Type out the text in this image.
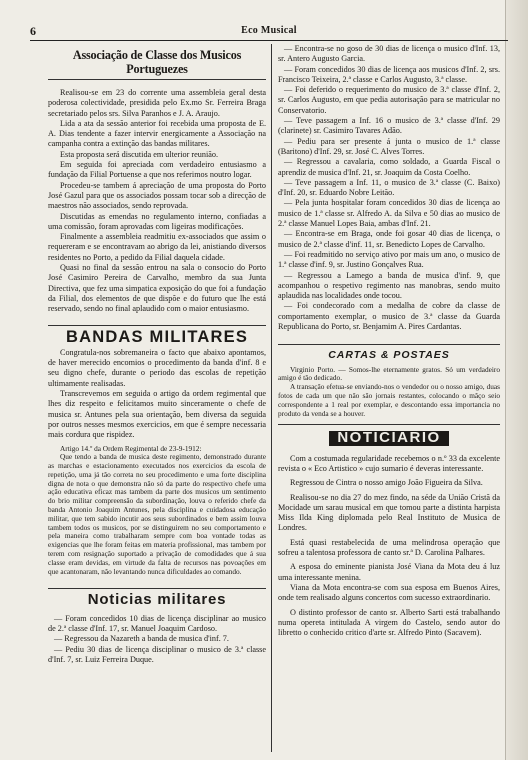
6	Eco Musical
Associação de Classe dos Musicos Portuguezes

Realisou-se em 23 do corrente uma assembleia geral desta poderosa colectividade, presidida pelo Ex.mo Sr. Ferreira Braga secretariado pelos srs. Silva Paranhos e J. A. Araujo.

Lida a ata da sessão anterior foi recebida uma proposta de E. A. Dias tendente a fazer intervir energicamente a Associação na campanha contra a extinção das bandas militares.

Esta proposta será discutida em ulterior reunião.

Em seguida foi apreciada com verdadeiro entusiasmo a fundação da Filial Portuense a que nos referimos noutro logar.

Procedeu-se tambem á apreciação de uma proposta do Porto José Gazul para que os associados possam tocar sob a direcção de maestros não associados, sendo reprovada.

Discutidas as emendas no regulamento interno, confiadas a uma comissão, foram aprovadas com ligeiras modificações.

Finalmente a assembleia readmitiu ex-associados que assim o requereram e se encontravam ao abrigo da lei, anistiando diversos residentes no Porto, a pedido da Filial daquela cidade.

Quasi no final da sessão entrou na sala o consocio do Porto José Casimiro Pereira de Carvalho, membro da sua Junta Directiva, que fez uma simpatica exposição do que foi a fundação da Filial, dos elementos de que dispõe e do futuro que lhe está reservado, sendo no final aplaudido com o maior entusiasmo.

BANDAS MILITARES

Congratula-nos sobremaneira o facto que abaixo apontamos, de haver merecido encomios o procedimento da banda d'inf. 8 e seu digno chefe, durante o periodo das escolas de repetição ultimamente realisadas.

Transcrevemos em seguida o artigo da ordem regimental que lhes diz respeito e felicitamos muito sinceramente o chefe de musica sr. Antunes pela sua orientação, bem diversa da seguida por outros nesses mesmos exercicios, em que é sempre necessaria mais cordura que rispidez.

Artigo 14.º da Ordem Regimental de 23-9-1912:

Que tendo a banda de musica deste regimento, demonstrado durante as marchas e estacionamento executados nos exercicios da escola de repetição, uma já tão correta no seu procedimento e uma forte disciplina digna de nota o que demonstra não só da parte do respectivo chefe uma ação educativa eficaz mas tambem da parte dos musicos um sentimento do brio militar compreensão da subordinação, louva o referido chefe da banda Antonio Joaquim Antunes, pela disciplina e cuidadosa educação militar, que tem sabido incutir aos seus subordinados e bem assim louva tambem todos os musicos, por se distinguirem no seu comportamento e pela maneira como trabalharam sempre com boa vontade todas as exigencias que lhe foram feitas em materia profissional, mas tambem por terem com resignação suportado a privação de comodidades que á sua classe eram devidas, em virtude da falta de recursos nas povoações em que acantonaram, não levantando nunca dificuldades ao comando.

Noticias militares

— Foram concedidos 10 dias de licença disciplinar ao musico de 2.ª classe d'Inf. 17, sr. Manuel Joaquim Cardoso.

— Regressou da Nazareth a banda de musica d'inf. 7.

— Pediu 30 dias de licença disciplinar o musico de 3.ª classe d'Inf. 7, sr. Luiz Ferreira Duque.

— Encontra-se no goso de 30 dias de licença o musico d'Inf. 13, sr. Antero Augusto Garcia.

— Foram concedidos 30 dias de licença aos musicos d'Inf. 2, srs. Francisco Teixeira, 2.ª classe e Carlos Augusto, 3.ª classe.

— Foi deferido o requerimento do musico de 3.ª classe d'Inf. 2, sr. Carlos Augusto, em que pedia autorisação para se matricular no Conservatorio.

— Teve passagem a Inf. 16 o musico de 3.ª classe d'Inf. 29 (clarinete) sr. Casimiro Tavares Adão.

— Pediu para ser presente á junta o musico de 1.ª classe (Baritono) d'Inf. 29, sr. José C. Alves Torres.

— Regressou a cavalaria, como soldado, a Guarda Fiscal o aprendiz de musica d'Inf. 21, sr. Joaquim da Costa Coelho.

— Teve passagem a Inf. 11, o musico de 3.ª classe (C. Baixo) d'Inf. 20, sr. Eduardo Nobre Leitão.

— Pela junta hospitalar foram concedidos 30 dias de licença ao musico de 1.ª classe sr. Alfredo A. da Silva e 50 dias ao musico de 2.ª classe Manuel Lopes Baia, ambas d'Inf. 21.

— Encontra-se em Braga, onde foi gosar 40 dias de licença, o musico de 2.ª classe d'inf. 11, sr. Benedicto Lopes de Carvalho.

— Foi readmitido no serviço ativo por mais um ano, o musico de 1.ª classe d'inf. 9, sr. Justino Gonçalves Rua.

— Regressou a Lamego a banda de musica d'inf. 9, que acompanhou o respetivo regimento nas manobras, sendo muito aplaudida nas localidades onde tocou.

— Foi condecorado com a medalha de cobre da classe de comportamento exemplar, o musico de 3.ª classe da Guarda Republicana do Porto, sr. Benjamim A. Pires Cardantas.

CARTAS & POSTAES

Virginio Porto. — Somos-lhe eternamente gratos. Só um verdadeiro amigo é tão dedicado.

A transação efetua-se enviando-nos o vendedor ou o nosso amigo, duas fotos de cada um que não são jornais restantes, colocando o mãço seio correspondente a 1 real por exemplar, e descontando essa importancia no produto da venda se a houver.

NOTICIARIO

Com a costumada regularidade recebemos o n.º 33 da excelente revista o « Eco Artistico » cujo sumario é deveras interessante.

Regressou de Cintra o nosso amigo João Figueira da Silva.

Realisou-se no dia 27 do mez findo, na séde da União Cristã da Mocidade um sarau musical em que tomou parte a distinta harpista Miss Ilda King diplomada pelo Real Instituto de Musica de Londres.

Está quasi restabelecida de uma melindrosa operação que sofreu a talentosa professora de canto sr.ª D. Carolina Palhares.

A esposa do eminente pianista José Viana da Mota deu á luz uma interessante menina.

Viana da Mota encontra-se com sua esposa em Buenos Aires, onde tem realisado alguns concertos com sucesso extraordinario.

O distinto professor de canto sr. Alberto Sarti está trabalhando numa opereta intitulada A virgem do Castelo, sendo autor do libretto o conhecido critico d'arte sr. Alfredo Pinto (Sacavem).
